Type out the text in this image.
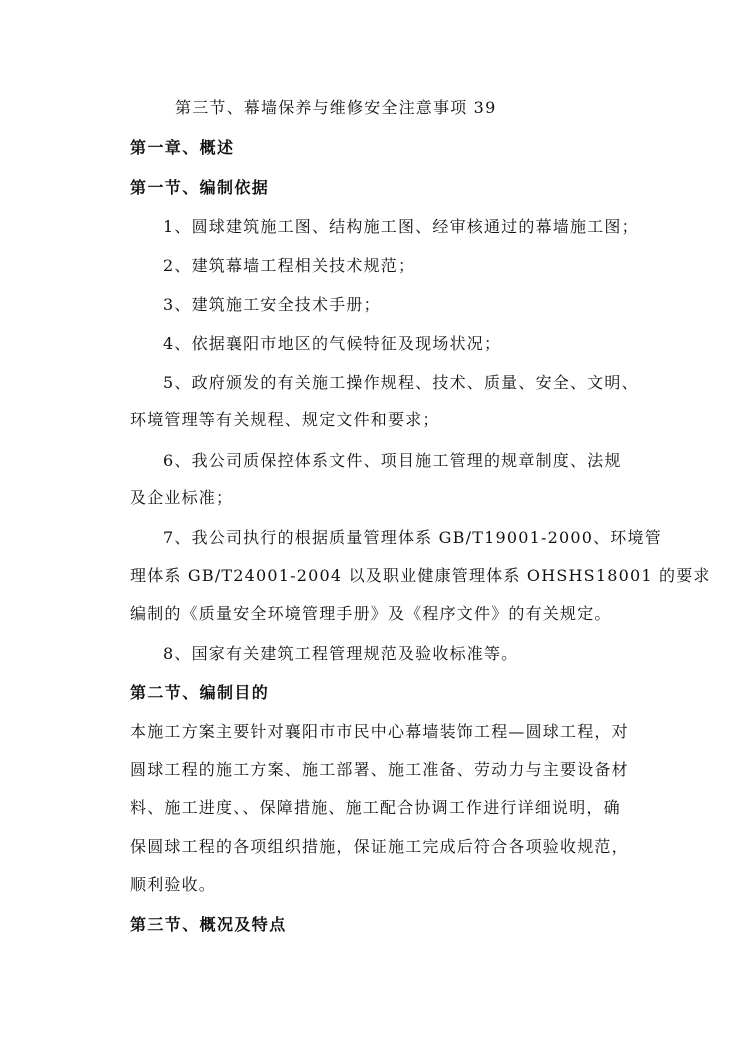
第三节、幕墙保养与维修安全注意事项 39
第一章、概述
第一节、编制依据
1、圆球建筑施工图、结构施工图、经审核通过的幕墙施工图；
2、建筑幕墙工程相关技术规范；
3、建筑施工安全技术手册；
4、依据襄阳市地区的气候特征及现场状况；
5、政府颁发的有关施工操作规程、技术、质量、安全、文明、
环境管理等有关规程、规定文件和要求；
6、我公司质保控体系文件、项目施工管理的规章制度、法规
及企业标准；
7、我公司执行的根据质量管理体系 GB/T19001-2000、环境管
理体系 GB/T24001-2004 以及职业健康管理体系 OHSHS18001 的要求
编制的《质量安全环境管理手册》及《程序文件》的有关规定。
8、国家有关建筑工程管理规范及验收标准等。
第二节、编制目的
本施工方案主要针对襄阳市市民中心幕墙装饰工程—圆球工程，对
圆球工程的施工方案、施工部署、施工准备、劳动力与主要设备材
料、施工进度、、保障措施、施工配合协调工作进行详细说明，确
保圆球工程的各项组织措施，保证施工完成后符合各项验收规范，
顺利验收。
第三节、概况及特点
